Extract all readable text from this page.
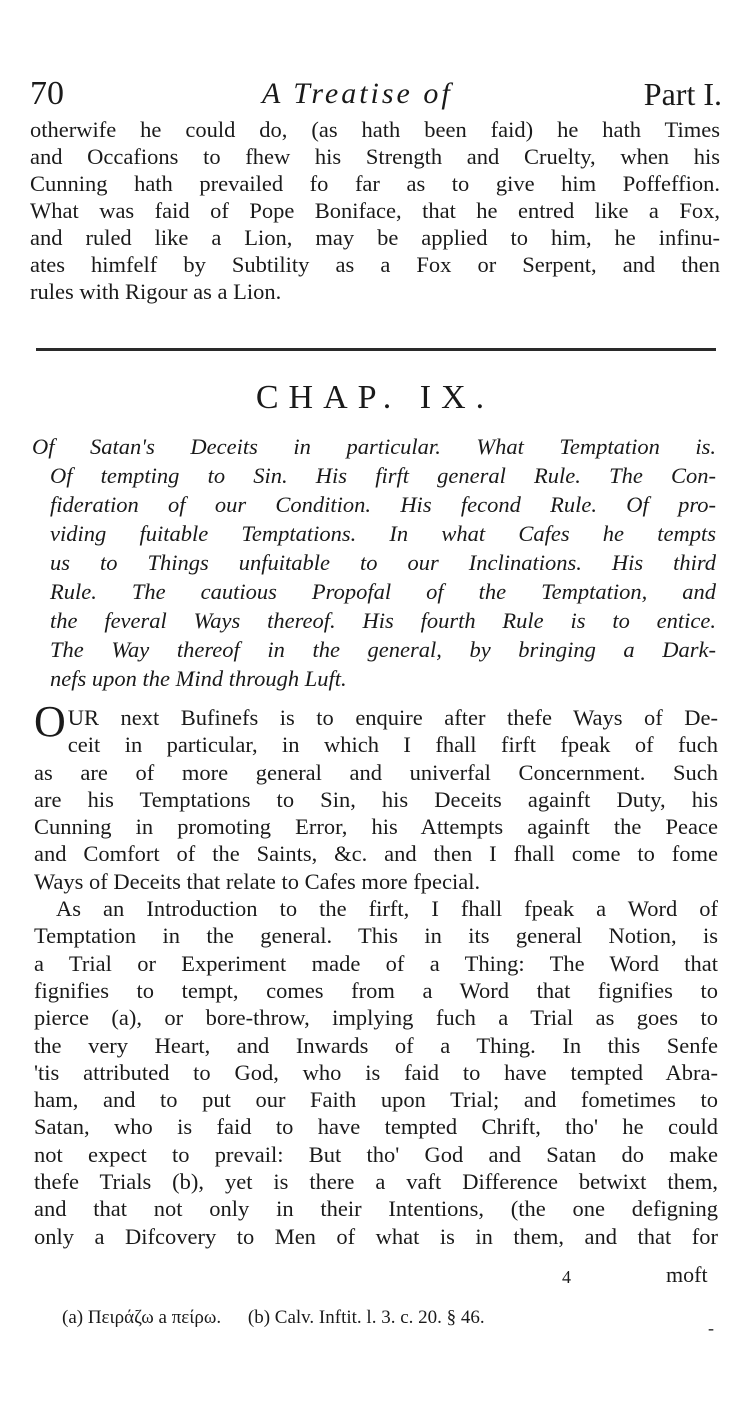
70	A Treatise of	Part I.
otherwife he could do, (as hath been faid) he hath Times
and Occafions to fhew his Strength and Cruelty, when his
Cunning hath prevailed fo far as to give him Poffeffion.
What was faid of Pope Boniface, that he entred like a Fox,
and ruled like a Lion, may be applied to him, he infinu-
ates himfelf by Subtility as a Fox or Serpent, and then
rules with Rigour as a Lion.
CHAP. IX.
Of Satan's Deceits in particular. What Temptation is.
Of tempting to Sin. His firft general Rule. The Con-
fideration of our Condition. His fecond Rule. Of pro-
viding fuitable Temptations. In what Cafes he tempts
us to Things unfuitable to our Inclinations. His third
Rule. The cautious Propofal of the Temptation, and
the feveral Ways thereof. His fourth Rule is to entice.
The Way thereof in the general, by bringing a Dark-
nefs upon the Mind through Luft.
OUR next Bufinefs is to enquire after thefe Ways of De-
ceit in particular, in which I fhall firft fpeak of fuch
as are of more general and univerfal Concernment. Such
are his Temptations to Sin, his Deceits againft Duty, his
Cunning in promoting Error, his Attempts againft the Peace
and Comfort of the Saints, &c. and then I fhall come to fome
Ways of Deceits that relate to Cafes more fpecial.
As an Introduction to the firft, I fhall fpeak a Word of
Temptation in the general. This in its general Notion, is
a Trial or Experiment made of a Thing: The Word that
fignifies to tempt, comes from a Word that fignifies to
pierce (a), or bore-throw, implying fuch a Trial as goes to
the very Heart, and Inwards of a Thing. In this Senfe
'tis attributed to God, who is faid to have tempted Abra-
ham, and to put our Faith upon Trial; and fometimes to
Satan, who is faid to have tempted Chrift, tho' he could
not expect to prevail: But tho' God and Satan do make
thefe Trials (b), yet is there a vaft Difference betwixt them,
and that not only in their Intentions, (the one defigning
only a Difcovery to Men of what is in them, and that for
4	moft
(a) Πειράζω a πείρω. (b) Calv. Inftit. l. 3. c. 20. § 46.	-
